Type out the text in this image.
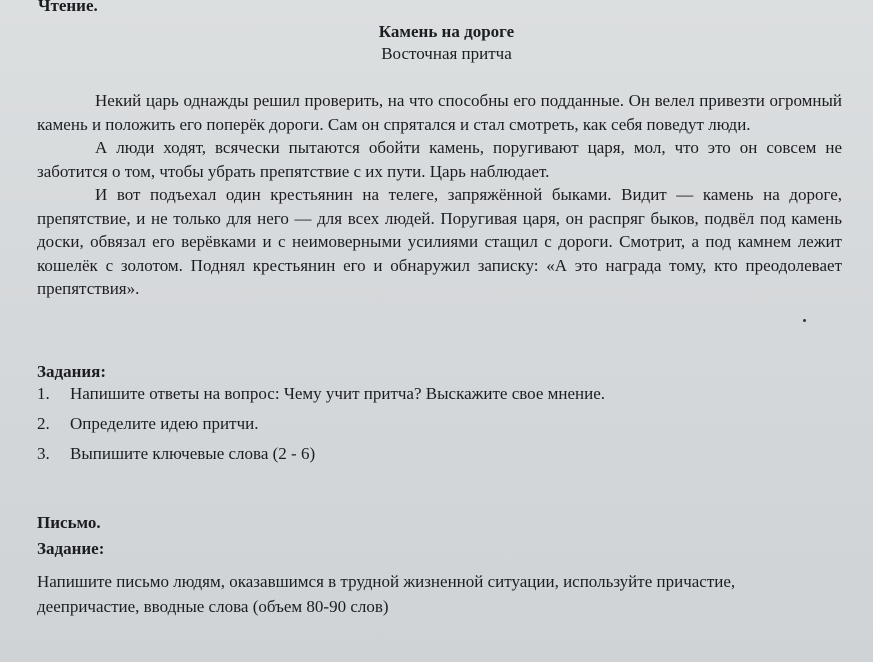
Чтение.
Камень на дороге
Восточная притча

Некий царь однажды решил проверить, на что способны его подданные. Он велел привезти огромный камень и положить его поперёк дороги. Сам он спрятался и стал смотреть, как себя поведут люди.

А люди ходят, всячески пытаются обойти камень, поругивают царя, мол, что это он совсем не заботится о том, чтобы убрать препятствие с их пути. Царь наблюдает.

И вот подъехал один крестьянин на телеге, запряжённой быками. Видит — камень на дороге, препятствие, и не только для него — для всех людей. Поругивая царя, он распряг быков, подвёл под камень доски, обвязал его верёвками и с неимоверными усилиями стащил с дороги. Смотрит, а под камнем лежит кошелёк с золотом. Поднял крестьянин его и обнаружил записку: «А это награда тому, кто преодолевает препятствия».

Задания:
1.	Напишите ответы на вопрос: Чему учит притча? Выскажите свое мнение.
2.	Определите идею притчи.
3.	Выпишите ключевые слова (2 - 6)
Письмо.
Задание:

Напишите письмо людям, оказавшимся в трудной жизненной ситуации, используйте причастие, деепричастие, вводные слова (объем 80-90 слов)
